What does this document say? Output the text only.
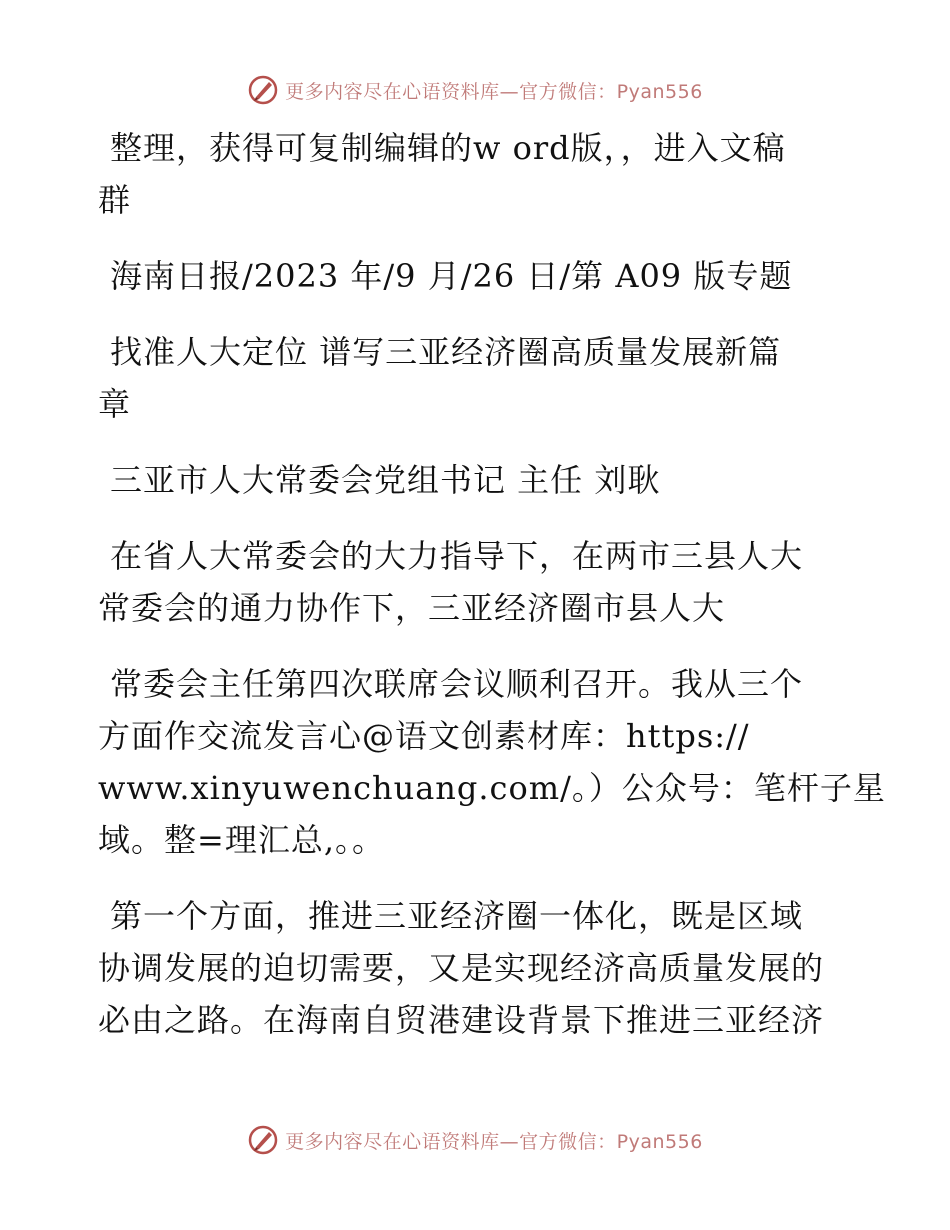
更多内容尽在心语资料库—官方微信：Pyan556
整理，获得可复制编辑的w ord版，，进入文稿
群
海南日报/2023 年/9 月/26 日/第 A09 版专题
找准人大定位 谱写三亚经济圈高质量发展新篇
章
三亚市人大常委会党组书记 主任 刘耿
在省人大常委会的大力指导下，在两市三县人大
常委会的通力协作下，三亚经济圈市县人大
常委会主任第四次联席会议顺利召开。我从三个
方面作交流发言心@语文创素材库：https://
www.xinyuwenchuang.com/。）公众号：笔杆子星
域。整=理汇总,。。
第一个方面，推进三亚经济圈一体化，既是区域
协调发展的迫切需要，又是实现经济高质量发展的
必由之路。在海南自贸港建设背景下推进三亚经济
更多内容尽在心语资料库—官方微信：Pyan556
